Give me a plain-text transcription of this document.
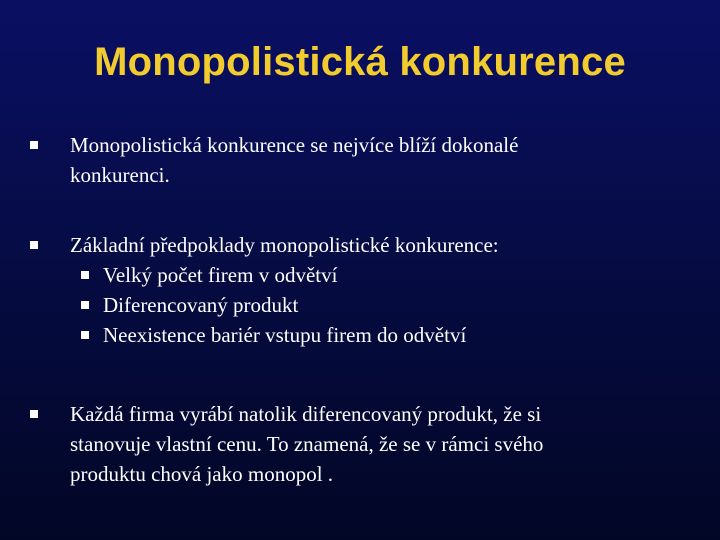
Monopolistická konkurence
Monopolistická konkurence se nejvíce blíží dokonalé
konkurenci.
Základní předpoklady monopolistické konkurence:
Velký počet firem v odvětví
Diferencovaný produkt
Neexistence bariér vstupu firem do odvětví
Každá firma vyrábí natolik diferencovaný produkt, že si
stanovuje vlastní cenu. To znamená, že se v rámci svého
produktu chová jako monopol .
